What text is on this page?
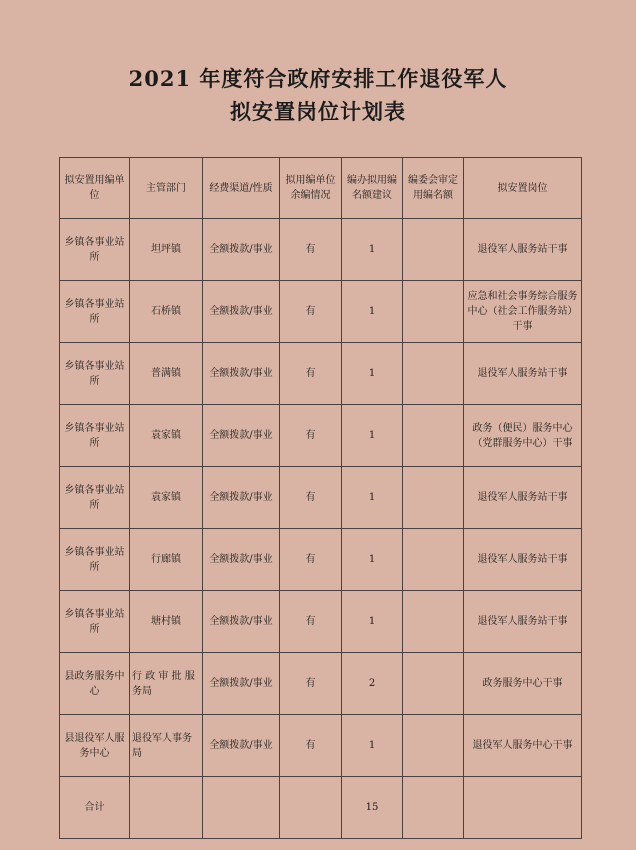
2021 年度符合政府安排工作退役军人
拟安置岗位计划表
拟安置用编单位	主管部门	经费渠道/性质	拟用编单位余编情况	编办拟用编名额建议	编委会审定用编名额	拟安置岗位
乡镇各事业站所	坦坪镇	全额拨款/事业	有	1		退役军人服务站干事
乡镇各事业站所	石桥镇	全额拨款/事业	有	1		应急和社会事务综合服务中心（社会工作服务站）干事
乡镇各事业站所	普满镇	全额拨款/事业	有	1		退役军人服务站干事
乡镇各事业站所	袁家镇	全额拨款/事业	有	1		政务（便民）服务中心（党群服务中心）干事
乡镇各事业站所	袁家镇	全额拨款/事业	有	1		退役军人服务站干事
乡镇各事业站所	行廊镇	全额拨款/事业	有	1		退役军人服务站干事
乡镇各事业站所	塘村镇	全额拨款/事业	有	1		退役军人服务站干事
县政务服务中心	行 政 审 批 服 务局	全额拨款/事业	有	2		政务服务中心干事
县退役军人服务中心	退役军人事务局	全额拨款/事业	有	1		退役军人服务中心干事
合计				15		
